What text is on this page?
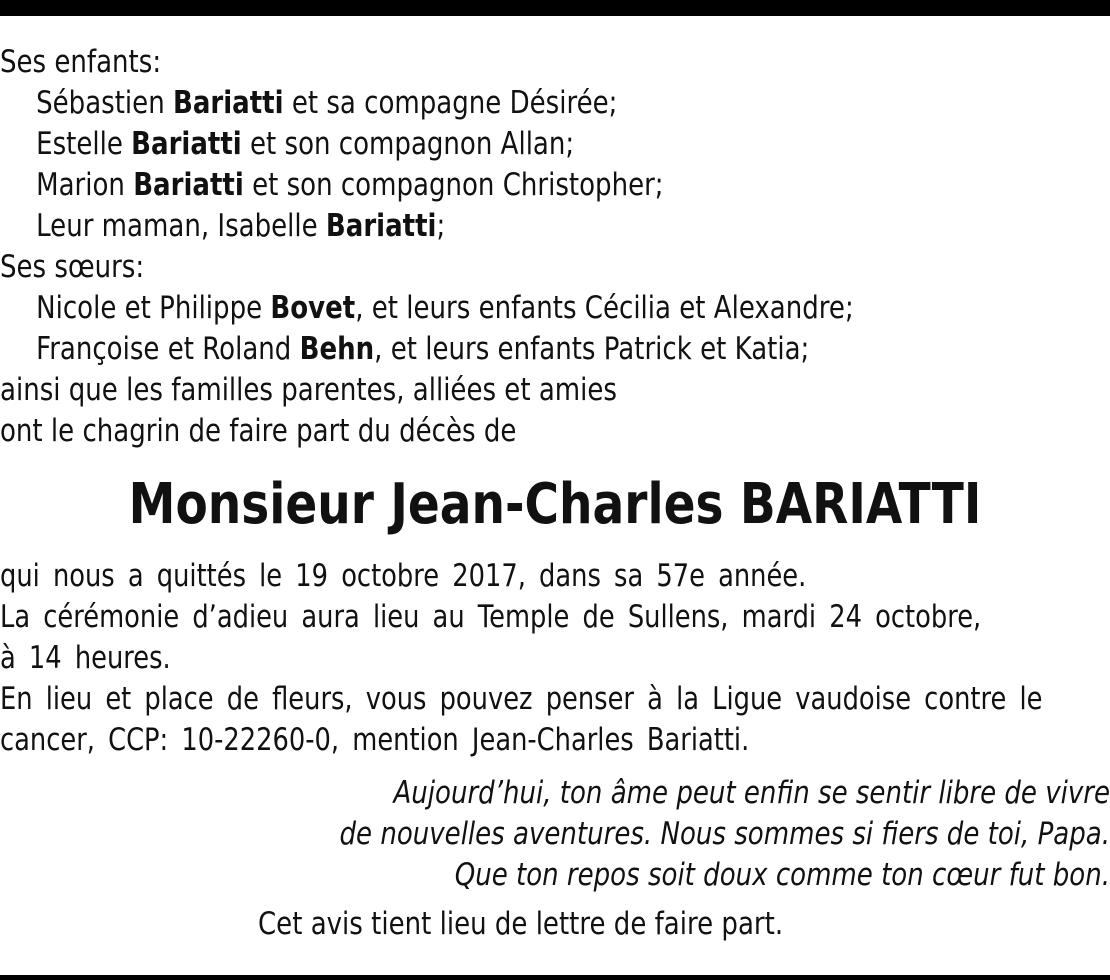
Ses enfants:
Sébastien Bariatti et sa compagne Désirée;
Estelle Bariatti et son compagnon Allan;
Marion Bariatti et son compagnon Christopher;
Leur maman, Isabelle Bariatti;
Ses sœurs:
Nicole et Philippe Bovet, et leurs enfants Cécilia et Alexandre;
Françoise et Roland Behn, et leurs enfants Patrick et Katia;
ainsi que les familles parentes, alliées et amies
ont le chagrin de faire part du décès de
Monsieur Jean-Charles BARIATTI
qui nous a quittés le 19 octobre 2017, dans sa 57e année.
La cérémonie d’adieu aura lieu au Temple de Sullens, mardi 24 octobre,
à 14 heures.
En lieu et place de fleurs, vous pouvez penser à la Ligue vaudoise contre le
cancer, CCP: 10-22260-0, mention Jean-Charles Bariatti.
Aujourd’hui, ton âme peut enfin se sentir libre de vivre
de nouvelles aventures. Nous sommes si fiers de toi, Papa.
Que ton repos soit doux comme ton cœur fut bon.
Cet avis tient lieu de lettre de faire part.
